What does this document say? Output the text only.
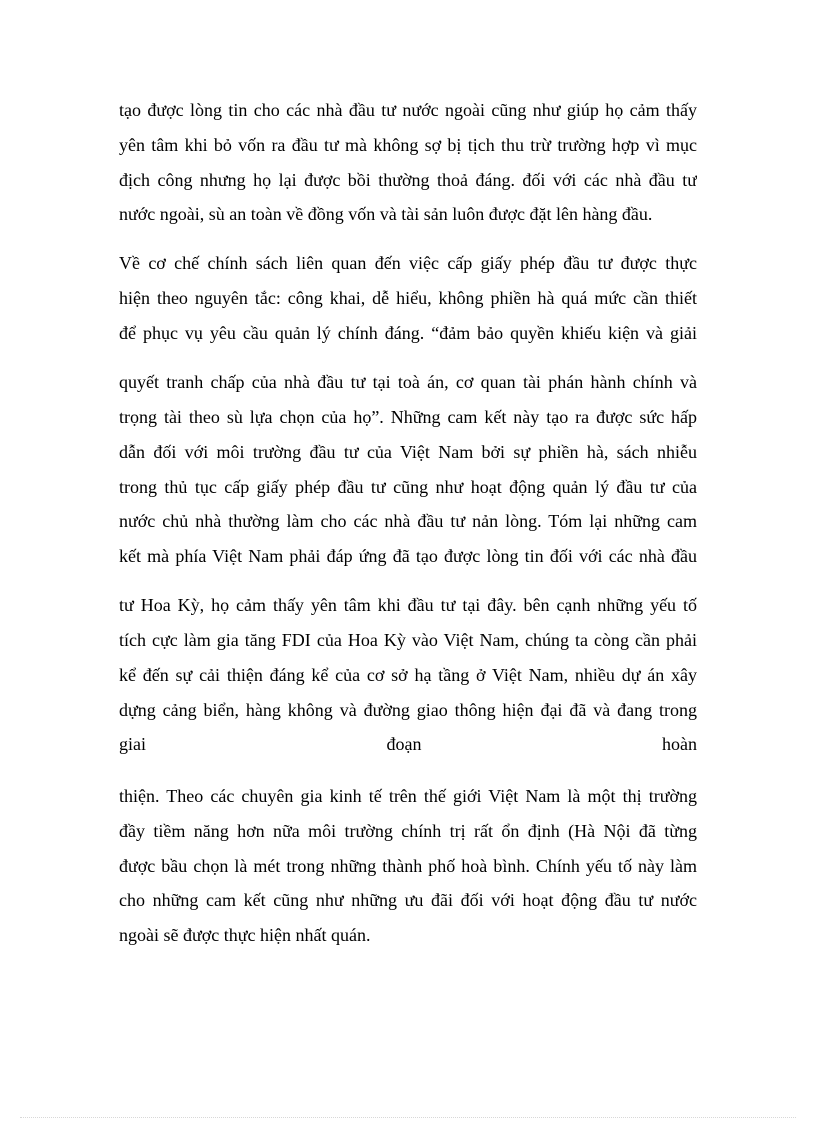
tạo được lòng tin cho các nhà đầu tư nước ngoài cũng như giúp họ cảm thấy
yên tâm khi bỏ vốn ra đầu tư mà không sợ bị tịch thu trừ trường hợp vì mục
địch công nhưng họ lại được bồi thường thoả đáng. đối với các nhà đầu tư
nước ngoài, sù an toàn về đồng vốn và tài sản luôn được đặt lên hàng đầu.
Về cơ chế chính sách liên quan đến việc cấp giấy phép đầu tư được thực
hiện theo nguyên tắc: công khai, dễ hiểu, không phiền hà quá mức cần thiết
để phục vụ yêu cầu quản lý chính đáng. “đảm bảo quyền khiếu kiện và giải
quyết tranh chấp của nhà đầu tư tại toà án, cơ quan tài phán hành chính và
trọng tài theo sù lựa chọn của họ”. Những cam kết này tạo ra được sức hấp
dẫn đối với môi trường đầu tư của Việt Nam bởi sự phiền hà, sách nhiễu
trong thủ tục cấp giấy phép đầu tư cũng như hoạt động quản lý đầu tư của
nước chủ nhà thường làm cho các nhà đầu tư nản lòng. Tóm lại những cam
kết mà phía Việt Nam phải đáp ứng đã tạo được lòng tin đối với các nhà đầu
tư Hoa Kỳ, họ cảm thấy yên tâm khi đầu tư tại đây. bên cạnh những yếu tố
tích cực làm gia tăng FDI của Hoa Kỳ vào Việt Nam, chúng ta còng cần phải
kể đến sự cải thiện đáng kể của cơ sở hạ tầng ở Việt Nam, nhiều dự án xây
dựng cảng biển, hàng không và đường giao thông hiện đại đã và đang trong
giai đoạn hoàn
thiện. Theo các chuyên gia kinh tế trên thế giới Việt Nam là một thị trường
đầy tiềm năng hơn nữa môi trường chính trị rất ổn định (Hà Nội đã từng
được bầu chọn là mét trong những thành phố hoà bình. Chính yếu tố này làm
cho những cam kết cũng như những ưu đãi đối với hoạt động đầu tư nước
ngoài sẽ được thực hiện nhất quán.
